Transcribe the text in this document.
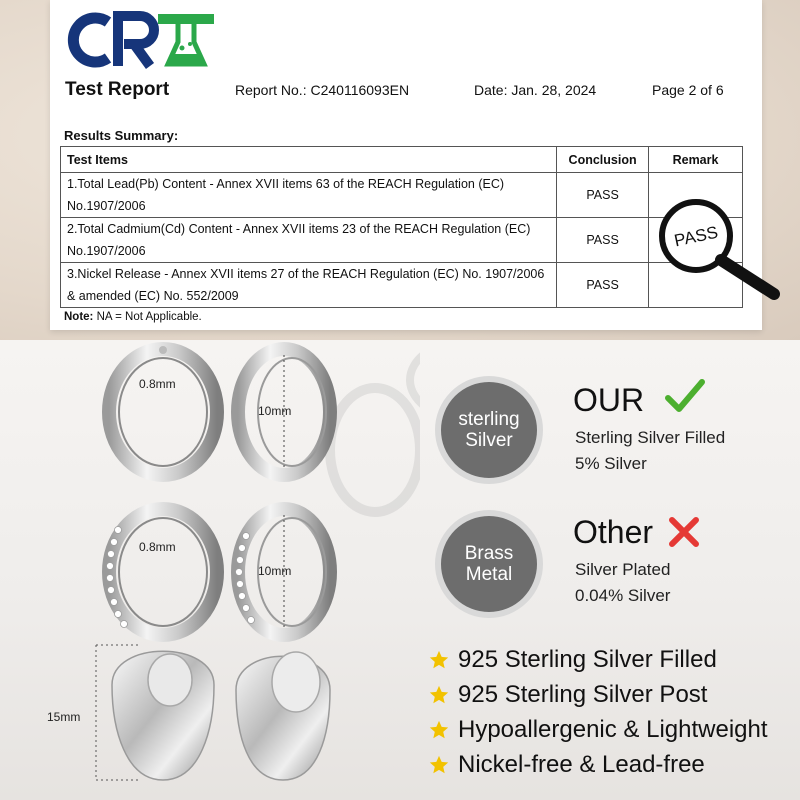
Test Report	Report No.: C240116093EN	Date: Jan. 28, 2024	Page 2 of 6
Results Summary:
Test Items	Conclusion	Remark
1.Total Lead(Pb) Content - Annex XVII items 63 of the REACH Regulation (EC) No.1907/2006	PASS	
2.Total Cadmium(Cd) Content - Annex XVII items 23 of the REACH Regulation (EC) No.1907/2006	PASS	
3.Nickel Release - Annex XVII items 27 of the REACH Regulation (EC) No. 1907/2006 & amended (EC) No. 552/2009	PASS	
Note: NA = Not Applicable.
PASS
0.8mm
10mm
0.8mm
10mm
15mm
sterling
Silver
OUR
Sterling Silver Filled
5% Silver
Brass
Metal
Other
Silver Plated
0.04% Silver
925 Sterling Silver Filled
925 Sterling Silver Post
Hypoallergenic & Lightweight
Nickel-free & Lead-free
